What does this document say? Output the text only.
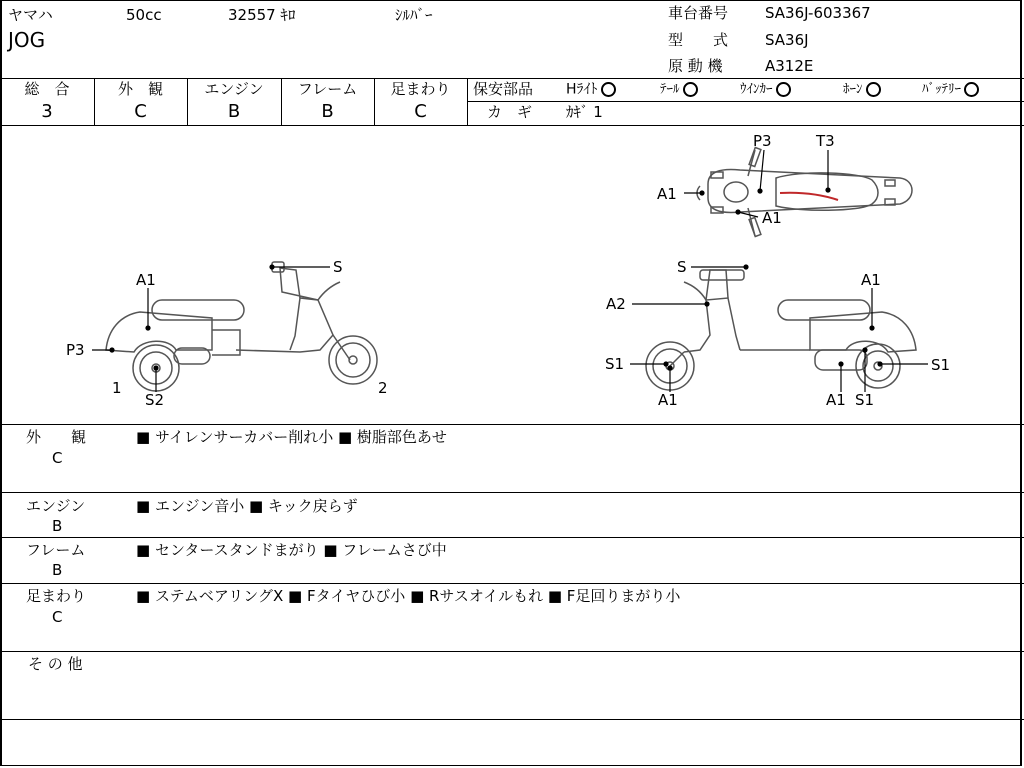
ヤマハ	50cc	32557 ｷﾛ	ｼﾙﾊﾞｰ
JOG
車台番号 SA36J-603367
型　　式 SA36J
原 動 機	A312E
総　合
3
外　観
C
エンジン
B
フレーム
B
足まわり
C
保安部品 Hﾗｲﾄ	ﾃｰﾙ	ｳｲﾝｶｰ	ﾎｰﾝ	ﾊﾞｯﾃﾘｰ
カ　ギ ｶｷﾞ 1
P3	T3
A1
A1
S
A1
P3
1
S2
2
S
A1
A2
S1	S1
A1	A1 S1
外　　観
C
■ サイレンサーカバー削れ小 ■ 樹脂部色あせ
エンジン
B
■ エンジン音小 ■ キック戻らず
フレーム
B
■ センタースタンドまがり ■ フレームさび中
足まわり
C
■ ステムベアリングX ■ Fタイヤひび小 ■ Rサスオイルもれ ■ F足回りまがり小
そ の 他
